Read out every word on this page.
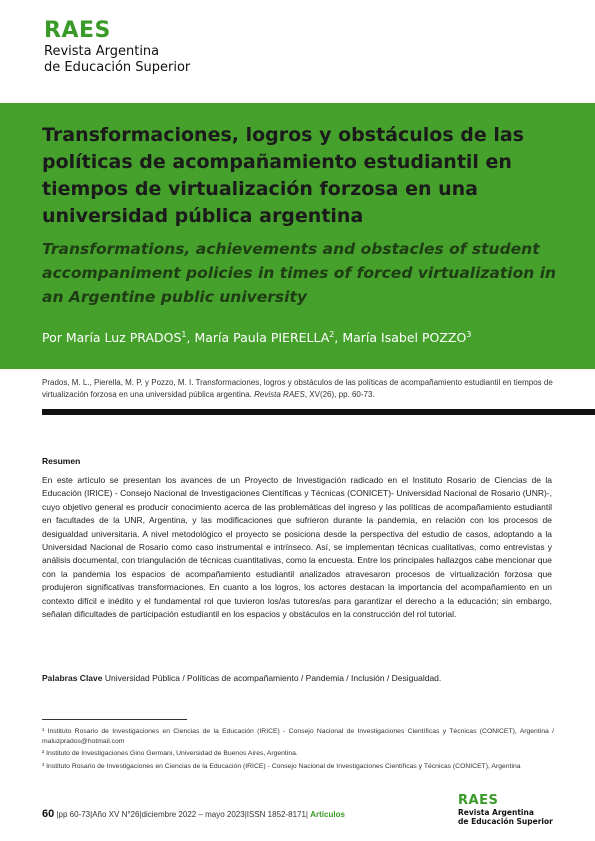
RAES
Revista Argentina
de Educación Superior
Transformaciones, logros y obstáculos de las políticas de acompañamiento estudiantil en tiempos de virtualización forzosa en una universidad pública argentina
Transformations, achievements and obstacles of student accompaniment policies in times of forced virtualization in an Argentine public university

Por María Luz PRADOS$^1$, María Paula PIERELLA$^2$, María Isabel POZZO$^3$

Prados, M. L., Pierella, M. P. y Pozzo, M. I. Transformaciones, logros y obstáculos de las políticas de acompañamiento estudiantil en tiempos de virtualización forzosa en una universidad pública argentina. Revista RAES, XV(26), pp. 60-73.

Resumen

En este artículo se presentan los avances de un Proyecto de Investigación radicado en el Instituto Rosario de Ciencias de la Educación (IRICE) - Consejo Nacional de Investigaciones Científicas y Técnicas (CONICET)- Universidad Nacional de Rosario (UNR)-, cuyo objetivo general es producir conocimiento acerca de las problemáticas del ingreso y las políticas de acompañamiento estudiantil en facultades de la UNR, Argentina, y las modificaciones que sufrieron durante la pandemia, en relación con los procesos de desigualdad universitaria. A nivel metodológico el proyecto se posiciona desde la perspectiva del estudio de casos, adoptando a la Universidad Nacional de Rosario como caso instrumental e intrínseco. Así, se implementan técnicas cualitativas, como entrevistas y análisis documental, con triangulación de técnicas cuantitativas, como la encuesta. Entre los principales hallazgos cabe mencionar que con la pandemia los espacios de acompañamiento estudiantil analizados atravesaron procesos de virtualización forzosa que produjeron significativas transformaciones. En cuanto a los logros, los actores destacan la importancia del acompañamiento en un contexto difícil e inédito y el fundamental rol que tuvieron los/as tutores/as para garantizar el derecho a la educación; sin embargo, señalan dificultades de participación estudiantil en los espacios y obstáculos en la construcción del rol tutorial.

Palabras Clave Universidad Pública / Políticas de acompañamiento / Pandemia / Inclusión / Desigualdad.

¹ Instituto Rosario de Investigaciones en Ciencias de la Educación (IRICE) - Consejo Nacional de Investigaciones Científicas y Técnicas (CONICET), Argentina / maluzprados@hotmail.com

² Instituto de Investigaciones Gino Germani, Universidad de Buenos Aires, Argentina.

³ Instituto Rosario de Investigaciones en Ciencias de la Educación (IRICE) - Consejo Nacional de Investigaciones Científicas y Técnicas (CONICET), Argentina

60 |pp 60-73|Año XV N°26|diciembre 2022 – mayo 2023|ISSN 1852-8171| Artículos
RAES
Revista Argentina
de Educación Superior
